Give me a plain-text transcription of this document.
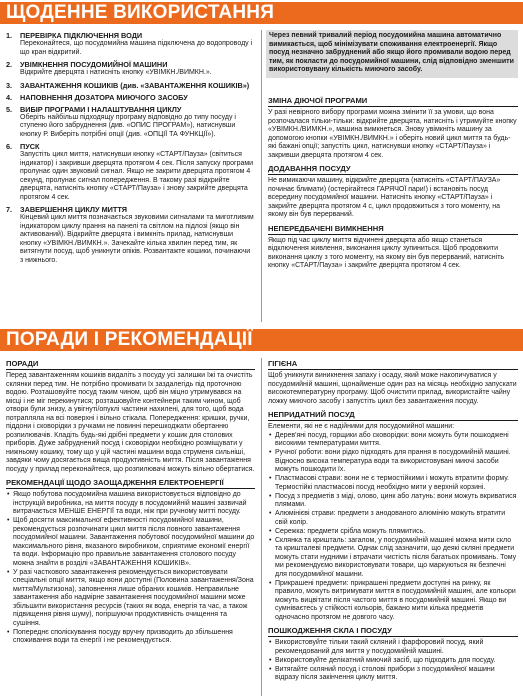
ЩОДЕННЕ ВИКОРИСТАННЯ
1. ПЕРЕВІРКА ПІДКЛЮЧЕННЯ ВОДИ
Переконайтеся, що посудомийна машина підключена до водопроводу і що кран відкритий.
2. УВІМКНЕННЯ ПОСУДОМИЙНОЇ МАШИНИ
Відкрийте дверцята і натисніть кнопку «УВІМКН./ВИМКН.».
3. ЗАВАНТАЖЕННЯ КОШИКІВ (див. «ЗАВАНТАЖЕННЯ КОШИКІВ»)
4. НАПОВНЕННЯ ДОЗАТОРА МИЮЧОГО ЗАСОБУ
5. ВИБІР ПРОГРАМИ І НАЛАШТУВАННЯ ЦИКЛУ
Оберіть найбільш підходящу програму відповідно до типу посуду і ступеню його забруднення (див. «ОПИС ПРОГРАМ»), натиснувши кнопку Р. Виберіть потрібні опції (див. «ОПЦІЇ ТА ФУНКЦІЇ»).
6. ПУСК
Запустіть цикл миття, натиснувши кнопку «СТАРТ/Пауза» (світиться індикатор) і закривши дверцята протягом 4 сек. Після запуску програми пролунає один звуковий сигнал. Якщо не закрити дверцята протягом 4 секунд, пролунає сигнал попередження. В такому разі відкрийте дверцята, натисніть кнопку «СТАРТ/Пауза» і знову закрийте дверцята протягом 4 сек.
7. ЗАВЕРШЕННЯ ЦИКЛУ МИТТЯ
Кінцевий цикл миття позначається звуковими сигналами та миготливим індикатором циклу прання на панелі та світлом на підлозі (якщо він активований). Відкрийте дверцята і вимкніть прилад, натиснувши кнопку «УВІМКН./ВИМКН.». Зачекайте кілька хвилин перед тим, як витягнути посуд, щоб уникнути опіків. Розвантажте кошики, починаючи з нижнього.

Через певний тривалий період посудомийна машина автоматично вимикається, щоб мінімізувати споживання електроенергії. Якщо посуд незначно забруднений або якщо його промивали водою перед тим, як покласти до посудомийної машини, слід відповідно зменшити використовувану кількість миючого засобу.

ЗМІНА ДІЮЧОЇ ПРОГРАМИ

У разі невірного вибору програми можна змінити її за умови, що вона розпочалася тільки-тільки: відкрийте дверцята, натисніть і утримуйте кнопку «УВІМКН./ВИМКН.», машина вимкнеться. Знову увімкніть машину за допомогою кнопки «УВІМКН./ВИМКН.» і оберіть новий цикл миття та будь-які бажані опції; запустіть цикл, натиснувши кнопку «СТАРТ/Пауза» і закривши дверцята протягом 4 сек.

ДОДАВАННЯ ПОСУДУ

Не вимикаючи машину, відкрийте дверцята (натисніть «СТАРТ/ПАУЗА» починає блимати) (остерігайтеся ГАРЯЧОЇ пари!) і встановіть посуд всередину посудомийної машини. Натисніть кнопку «СТАРТ/Пауза» і закрийте дверцята протягом 4 с, цикл продовжиться з того моменту, на якому він був перерваний.

НЕПЕРЕДБАЧЕНІ ВИМКНЕННЯ

Якщо під час циклу миття відчинені дверцята або якщо станеться відключення живлення, виконання циклу зупиниться. Щоб продовжити виконання циклу з того моменту, на якому він був перерваний, натисніть кнопку «СТАРТ/Пауза» і закрийте дверцята протягом 4 сек.

ПОРАДИ І РЕКОМЕНДАЦІЇ
ПОРАДИ

Перед завантаженням кошиків видаліть з посуду усі залишки їжі та очистіть склянки перед тим. Не потрібно промивати їх заздалегідь під проточною водою. Розташовуйте посуд таким чином, щоб він міцно утримувався на місці і не міг перекинутися; розташовуйте контейнери таким чином, щоб отвори були знизу, а увігнуті/опуклі частини нахилені, для того, щоб вода потрапляла на всі поверхні і вільно стікала. Попередження: кришки, ручки, піддони і сковорідки з ручками не повинні перешкоджати обертанню розпилювачів. Кладіть будь-які дрібні предмети у кошик для столових приборів. Дуже забруднений посуд і сковорідки необхідно розміщувати у нижньому кошику, тому що у цій частині машини вода струменя сильніші, завдяки чому досягається вища продуктивність миття. Після завантаження посуду у прилад переконайтеся, що розпилювачі можуть вільно обертатися.

РЕКОМЕНДАЦІЇ ЩОДО ЗАОЩАДЖЕННЯ ЕЛЕКТРОЕНЕРГІЇ
• Якщо побутова посудомийна машина використовується відповідно до інструкцій виробника, на миття посуду в посудомийній машині зазвичай витрачається МЕНШЕ ЕНЕРГІЇ та води, ніж при ручному митті посуду.
• Щоб досягти максимальної ефективності посудомийної машини, рекомендується розпочинати цикл миття після повного завантаження посудомийної машини. Завантаження побутової посудомийної машини до максимального рівня, вказаного виробником, сприятиме економії енергії та води. Інформацію про правильне завантаження столового посуду можна знайти в розділі «ЗАВАНТАЖЕННЯ КОШИКІВ».
• У разі часткового завантаження рекомендується використовувати спеціальні опції миття, якщо вони доступні (Половина завантаження/Зона миття/Мультизона), заповнення лише обраних кошиків. Неправильне завантаження або надмірне завантаження посудомийної машини може збільшити використання ресурсів (таких як вода, енергія та час, а також підвищення рівня шуму), погіршуючи продуктивність очищення та сушіння.
• Попереднє споліскування посуду вручну призводить до збільшення споживання води та енергії і не рекомендується.
ГІГІЄНА

Щоб уникнути виникнення запаху і осаду, який може накопичуватися у посудомийній машині, щонайменше один раз на місяць необхідно запускати високотемпературну програму. Щоб очистити прилад, використайте чайну ложку миючого засобу і запустіть цикл без завантаження посуду.

НЕПРИДАТНИЙ ПОСУД

Елементи, які не є надійними для посудомийної машини:

• Дерев'яні посуд, горщики або сковорідки: вони можуть бути пошкоджені високими температурами миття.
• Ручної роботи: вони рідко підходять для прання в посудомийній машині. Відносно висока температура води та використовувані миючі засоби можуть пошкодити їх.
• Пластмасові страви: вони не є термостійкими і можуть втратити форму. Термостійкі пластмасові посуд необхідно мити у верхній корзині.
• Посуд з предметів з міді, олово, цинк або латунь: вони можуть вкриватися плямами.
• Алюмінієві страви: предмети з анодованого алюмінію можуть втратити свій колір.
• Сережка: предмети срібла можуть плямитись.
• Склянка та кришталь: загалом, у посудомийній машині можна мити скло та кришталеві предмети. Однак слід зазначити, що деякі скляні предмети можуть стати нудними і втрачати чистість після багатьох промивань. Тому ми рекомендуємо використовувати товари, що маркуються як безпечні для посудомийної машини.
• Прикрашені предмети: прикрашені предмети доступні на ринку, як правило, можуть витримувати миття в посудомийній машині, але кольори можуть вицвітати після частого миття в посудомийній машині. Якщо ви сумніваєтесь у стійкості кольорів, бажано мити кілька предметів одночасно протягом не довгого часу.
ПОШКОДЖЕННЯ СКЛА І ПОСУДУ
• Використовуйте тільки такий скляний і фарфоровий посуд, який рекомендований для миття у посудомийній машині.
• Використовуйте делікатний миючий засіб, що підходить для посуду.
• Витягайте скляний посуд і столові прибори з посудомийної машини відразу після закінчення циклу миття.
